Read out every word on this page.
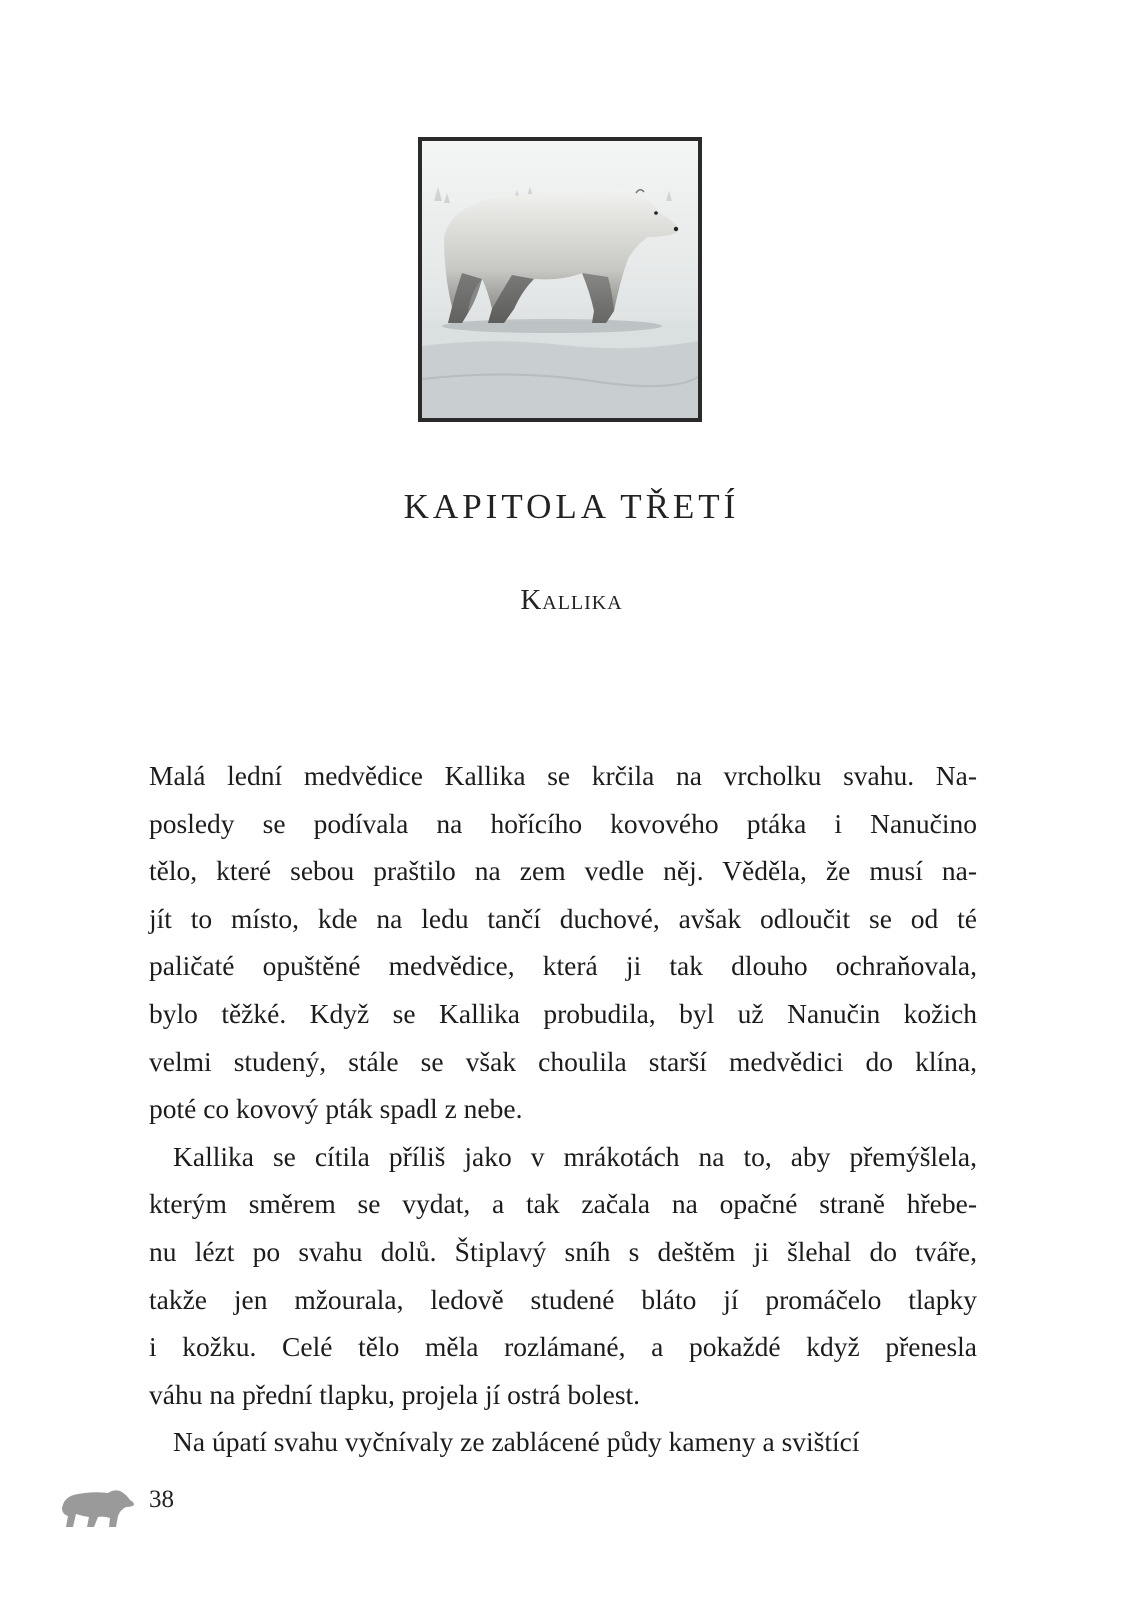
KAPITOLA TŘETÍ
Kallika
Malá lední medvědice Kallika se krčila na vrcholku svahu. Na-
posledy se podívala na hořícího kovového ptáka i Nanučino
tělo, které sebou praštilo na zem vedle něj. Věděla, že musí na-
jít to místo, kde na ledu tančí duchové, avšak odloučit se od té
paličaté opuštěné medvědice, která ji tak dlouho ochraňovala,
bylo těžké. Když se Kallika probudila, byl už Nanučin kožich
velmi studený, stále se však choulila starší medvědici do klína,
poté co kovový pták spadl z nebe.
Kallika se cítila příliš jako v mrákotách na to, aby přemýšlela,
kterým směrem se vydat, a tak začala na opačné straně hřebe-
nu lézt po svahu dolů. Štiplavý sníh s deštěm ji šlehal do tváře,
takže jen mžourala, ledově studené bláto jí promáčelo tlapky
i kožku. Celé tělo měla rozlámané, a pokaždé když přenesla
váhu na přední tlapku, projela jí ostrá bolest.
Na úpatí svahu vyčnívaly ze zablácené půdy kameny a svištící
38
